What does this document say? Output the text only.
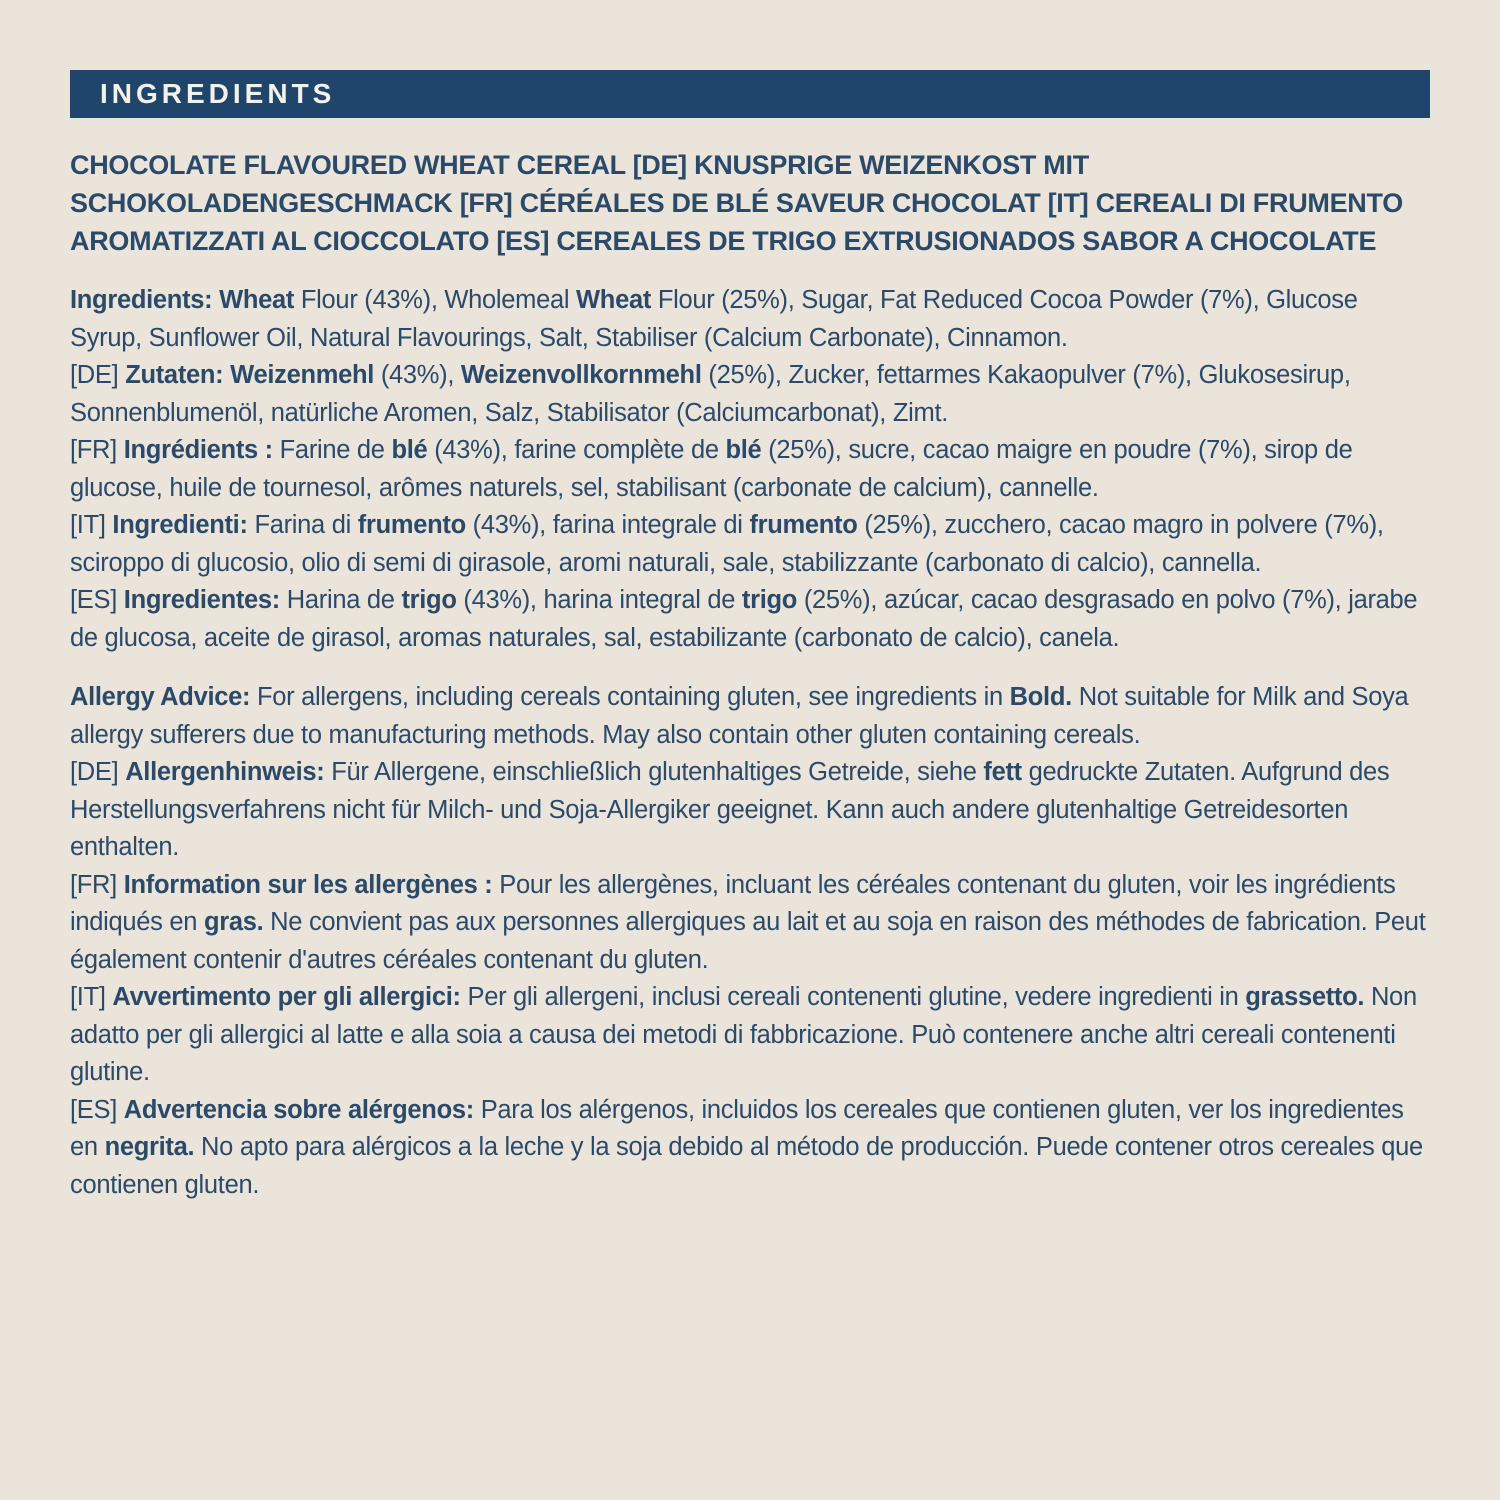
INGREDIENTS
CHOCOLATE FLAVOURED WHEAT CEREAL [DE] KNUSPRIGE WEIZENKOST MIT SCHOKOLADENGESCHMACK [FR] CÉRÉALES DE BLÉ SAVEUR CHOCOLAT [IT] CEREALI DI FRUMENTO AROMATIZZATI AL CIOCCOLATO [ES] CEREALES DE TRIGO EXTRUSIONADOS SABOR A CHOCOLATE

Ingredients: Wheat Flour (43%), Wholemeal Wheat Flour (25%), Sugar, Fat Reduced Cocoa Powder (7%), Glucose Syrup, Sunflower Oil, Natural Flavourings, Salt, Stabiliser (Calcium Carbonate), Cinnamon.

[DE] Zutaten: Weizenmehl (43%), Weizenvollkornmehl (25%), Zucker, fettarmes Kakaopulver (7%), Glukosesirup, Sonnenblumenöl, natürliche Aromen, Salz, Stabilisator (Calciumcarbonat), Zimt.

[FR] Ingrédients : Farine de blé (43%), farine complète de blé (25%), sucre, cacao maigre en poudre (7%), sirop de glucose, huile de tournesol, arômes naturels, sel, stabilisant (carbonate de calcium), cannelle.

[IT] Ingredienti: Farina di frumento (43%), farina integrale di frumento (25%), zucchero, cacao magro in polvere (7%), sciroppo di glucosio, olio di semi di girasole, aromi naturali, sale, stabilizzante (carbonato di calcio), cannella.

[ES] Ingredientes: Harina de trigo (43%), harina integral de trigo (25%), azúcar, cacao desgrasado en polvo (7%), jarabe de glucosa, aceite de girasol, aromas naturales, sal, estabilizante (carbonato de calcio), canela.

Allergy Advice: For allergens, including cereals containing gluten, see ingredients in Bold. Not suitable for Milk and Soya allergy sufferers due to manufacturing methods. May also contain other gluten containing cereals.

[DE] Allergenhinweis: Für Allergene, einschließlich glutenhaltiges Getreide, siehe fett gedruckte Zutaten. Aufgrund des Herstellungsverfahrens nicht für Milch- und Soja-Allergiker geeignet. Kann auch andere glutenhaltige Getreidesorten enthalten.

[FR] Information sur les allergènes : Pour les allergènes, incluant les céréales contenant du gluten, voir les ingrédients indiqués en gras. Ne convient pas aux personnes allergiques au lait et au soja en raison des méthodes de fabrication. Peut également contenir d'autres céréales contenant du gluten.

[IT] Avvertimento per gli allergici: Per gli allergeni, inclusi cereali contenenti glutine, vedere ingredienti in grassetto. Non adatto per gli allergici al latte e alla soia a causa dei metodi di fabbricazione. Può contenere anche altri cereali contenenti glutine.

[ES] Advertencia sobre alérgenos: Para los alérgenos, incluidos los cereales que contienen gluten, ver los ingredientes en negrita. No apto para alérgicos a la leche y la soja debido al método de producción. Puede contener otros cereales que contienen gluten.
